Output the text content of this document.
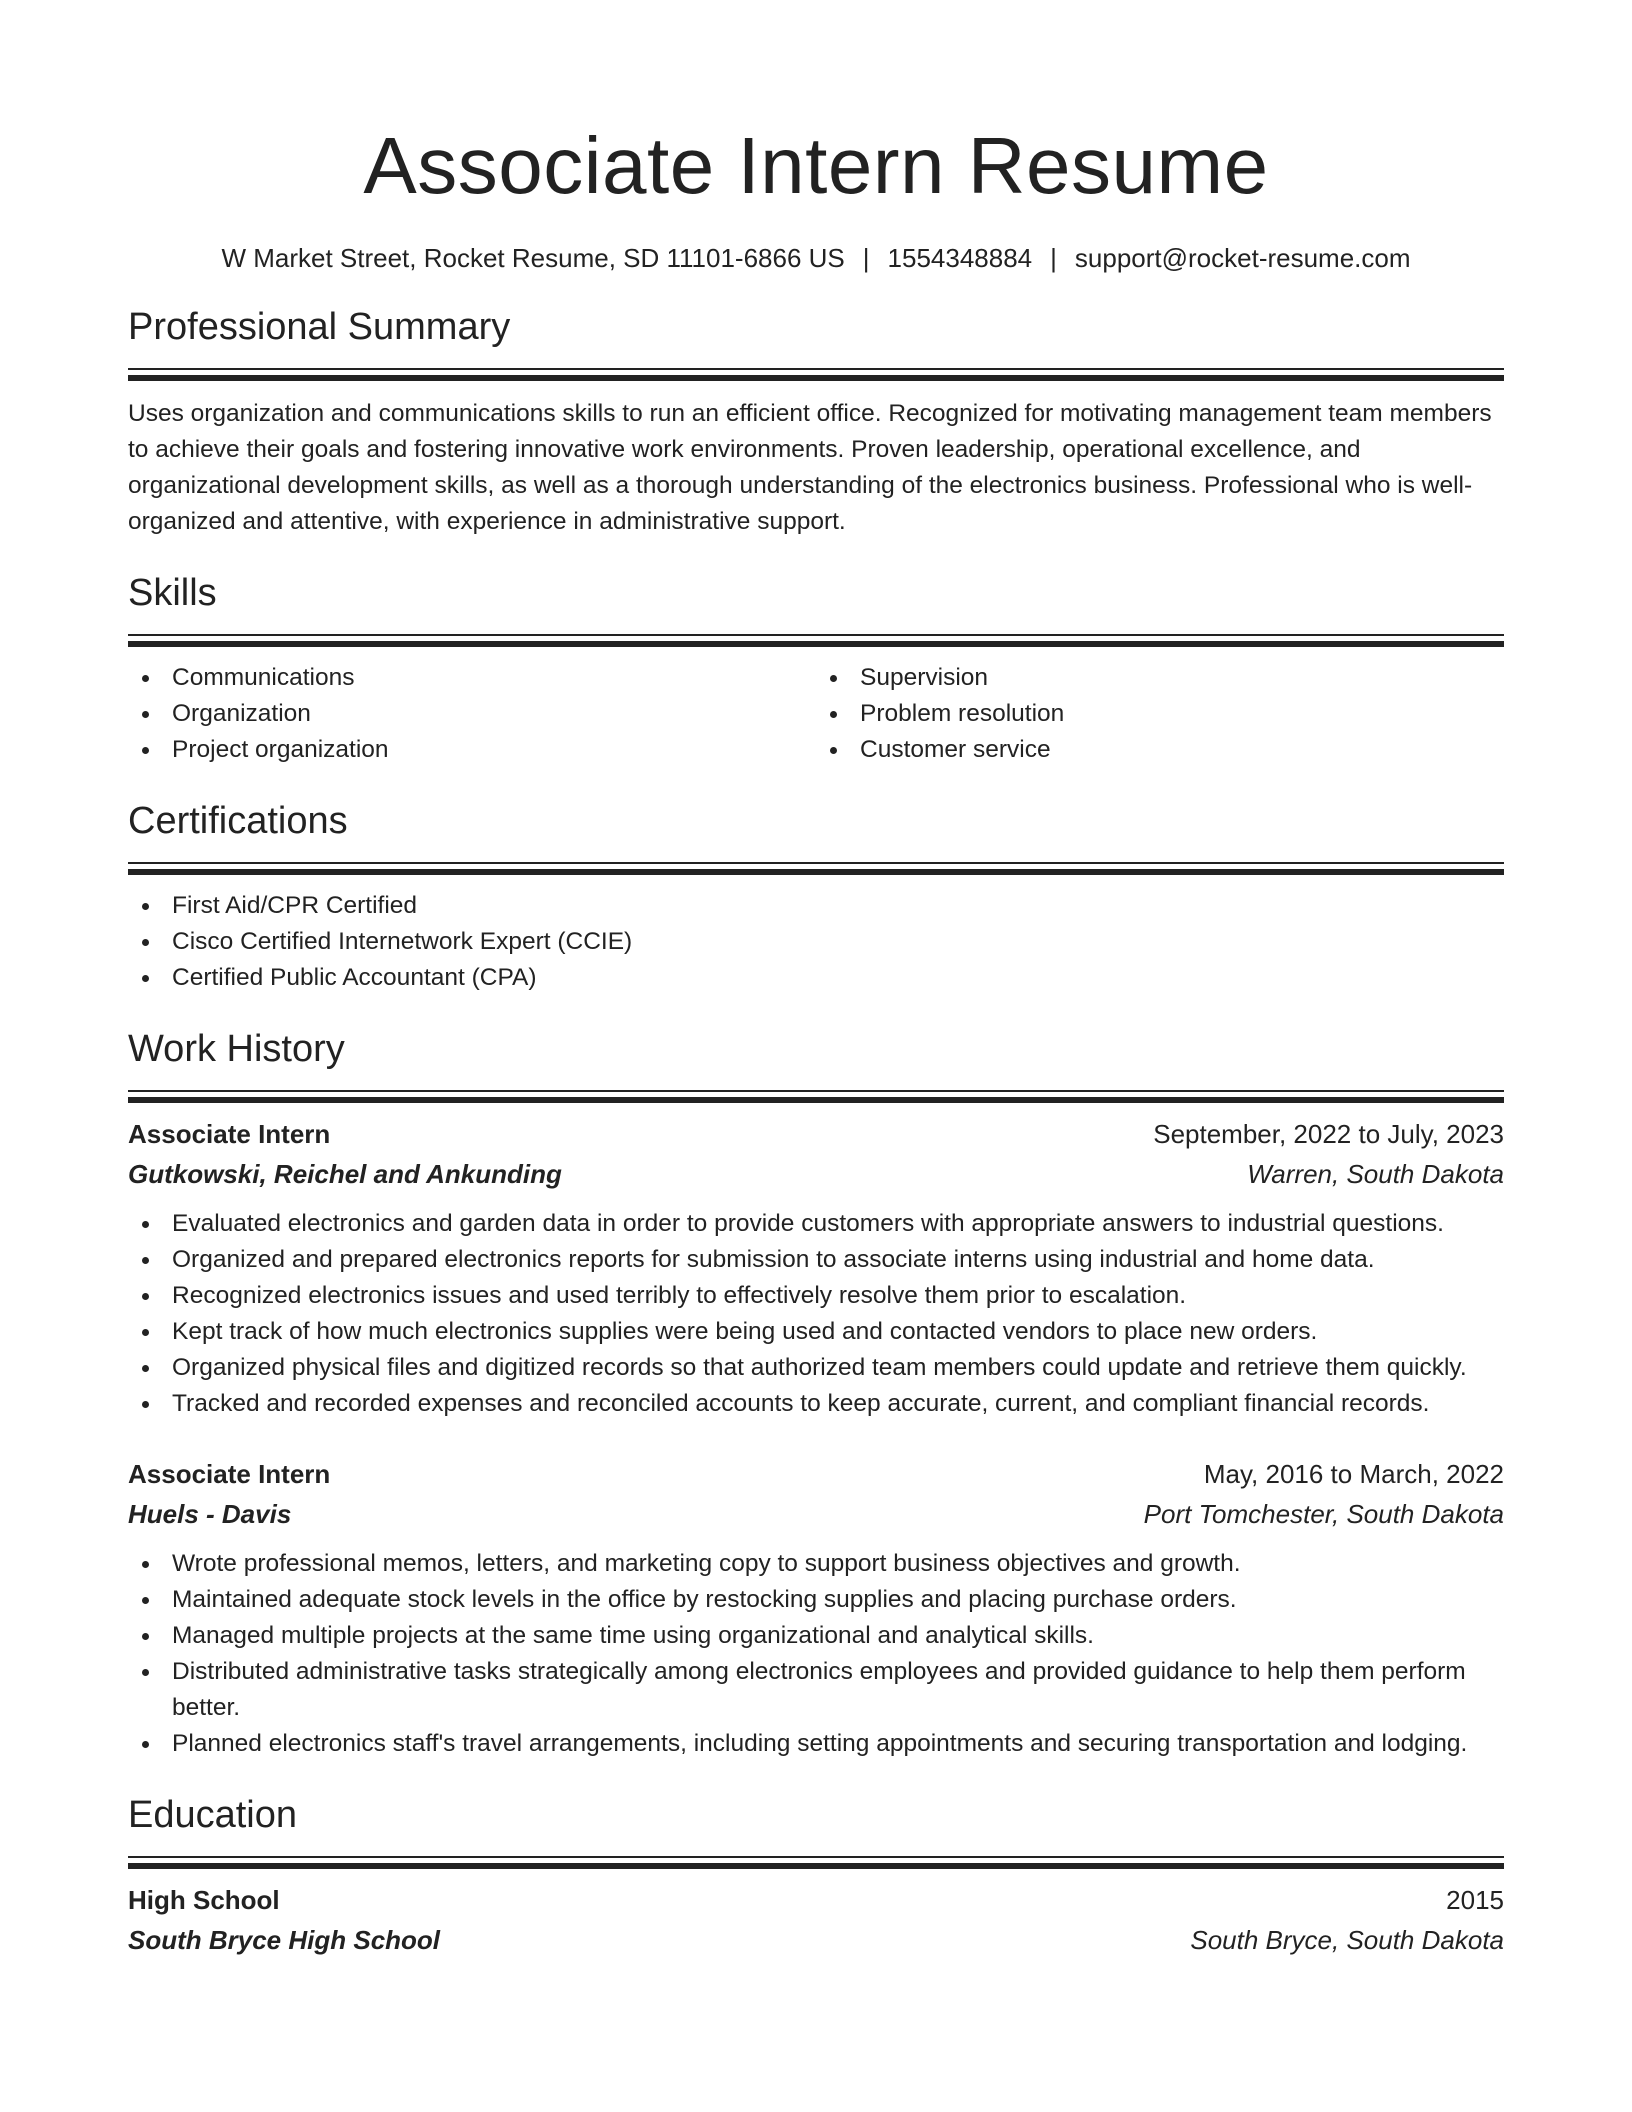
Associate Intern Resume
W Market Street, Rocket Resume, SD 11101-6866 US | 1554348884 | support@rocket-resume.com
Professional Summary

Uses organization and communications skills to run an efficient office. Recognized for motivating management team members to achieve their goals and fostering innovative work environments. Proven leadership, operational excellence, and organizational development skills, as well as a thorough understanding of the electronics business. Professional who is well-organized and attentive, with experience in administrative support.

Skills
Communications
Organization
Project organization
Supervision
Problem resolution
Customer service
Certifications
First Aid/CPR Certified
Cisco Certified Internetwork Expert (CCIE)
Certified Public Accountant (CPA)
Work History
Associate Intern	September, 2022 to July, 2023
Gutkowski, Reichel and Ankunding	Warren, South Dakota
Evaluated electronics and garden data in order to provide customers with appropriate answers to industrial questions.
Organized and prepared electronics reports for submission to associate interns using industrial and home data.
Recognized electronics issues and used terribly to effectively resolve them prior to escalation.
Kept track of how much electronics supplies were being used and contacted vendors to place new orders.
Organized physical files and digitized records so that authorized team members could update and retrieve them quickly.
Tracked and recorded expenses and reconciled accounts to keep accurate, current, and compliant financial records.
Associate Intern	May, 2016 to March, 2022
Huels - Davis	Port Tomchester, South Dakota
Wrote professional memos, letters, and marketing copy to support business objectives and growth.
Maintained adequate stock levels in the office by restocking supplies and placing purchase orders.
Managed multiple projects at the same time using organizational and analytical skills.
Distributed administrative tasks strategically among electronics employees and provided guidance to help them perform better.
Planned electronics staff's travel arrangements, including setting appointments and securing transportation and lodging.
Education
High School	2015
South Bryce High School	South Bryce, South Dakota
